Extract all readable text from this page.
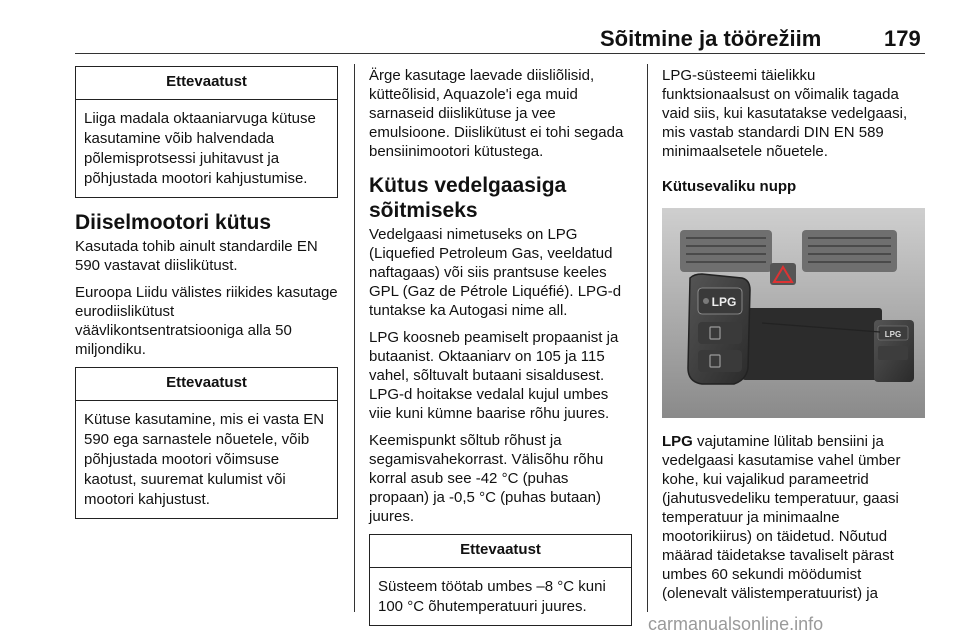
Sõitmine ja töörežiim	179
Ettevaatust
Liiga madala oktaaniarvuga kütuse kasutamine võib halvendada põlemisprotsessi juhitavust ja põhjustada mootori kahjustumise.
Diiselmootori kütus

Kasutada tohib ainult standardile EN 590 vastavat diislikütust.

Euroopa Liidu välistes riikides kasutage eurodiislikütust väävlikontsentratsiooniga alla 50 miljondiku.

Ettevaatust
Kütuse kasutamine, mis ei vasta EN 590 ega sarnastele nõuetele, võib põhjustada mootori võimsuse kaotust, suuremat kulumist või mootori kahjustust.

Ärge kasutage laevade diisliõlisid, kütteõlisid, Aquazole'i ega muid sarnaseid diislikütuse ja vee emulsioone. Diislikütust ei tohi segada bensiinimootori kütustega.

Kütus vedelgaasiga sõitmiseks

Vedelgaasi nimetuseks on LPG (Liquefied Petroleum Gas, veeldatud naftagaas) või siis prantsuse keeles GPL (Gaz de Pétrole Liquéfié). LPG-d tuntakse ka Autogasi nime all.

LPG koosneb peamiselt propaanist ja butaanist. Oktaaniarv on 105 ja 115 vahel, sõltuvalt butaani sisaldusest. LPG-d hoitakse vedalal kujul umbes viie kuni kümne baarise rõhu juures.

Keemispunkt sõltub rõhust ja segamisvahekorrast. Välisõhu rõhu korral asub see -42 °C (puhas propaan) ja -0,5 °C (puhas butaan) juures.

Ettevaatust
Süsteem töötab umbes –8 °C kuni 100 °C õhutemperatuuri juures.

LPG-süsteemi täielikku funktsionaalsust on võimalik tagada vaid siis, kui kasutatakse vedelgaasi, mis vastab standardi DIN EN 589 minimaalsetele nõuetele.

Kütusevaliku nupp
LPG
LPG

LPG vajutamine lülitab bensiini ja vedelgaasi kasutamise vahel ümber kohe, kui vajalikud parameetrid (jahutusvedeliku temperatuur, gaasi temperatuur ja minimaalne mootorikiirus) on täidetud. Nõutud määrad täidetakse tavaliselt pärast umbes 60 sekundi möödumist (olenevalt välistemperatuurist) ja

carmanualsonline.info
